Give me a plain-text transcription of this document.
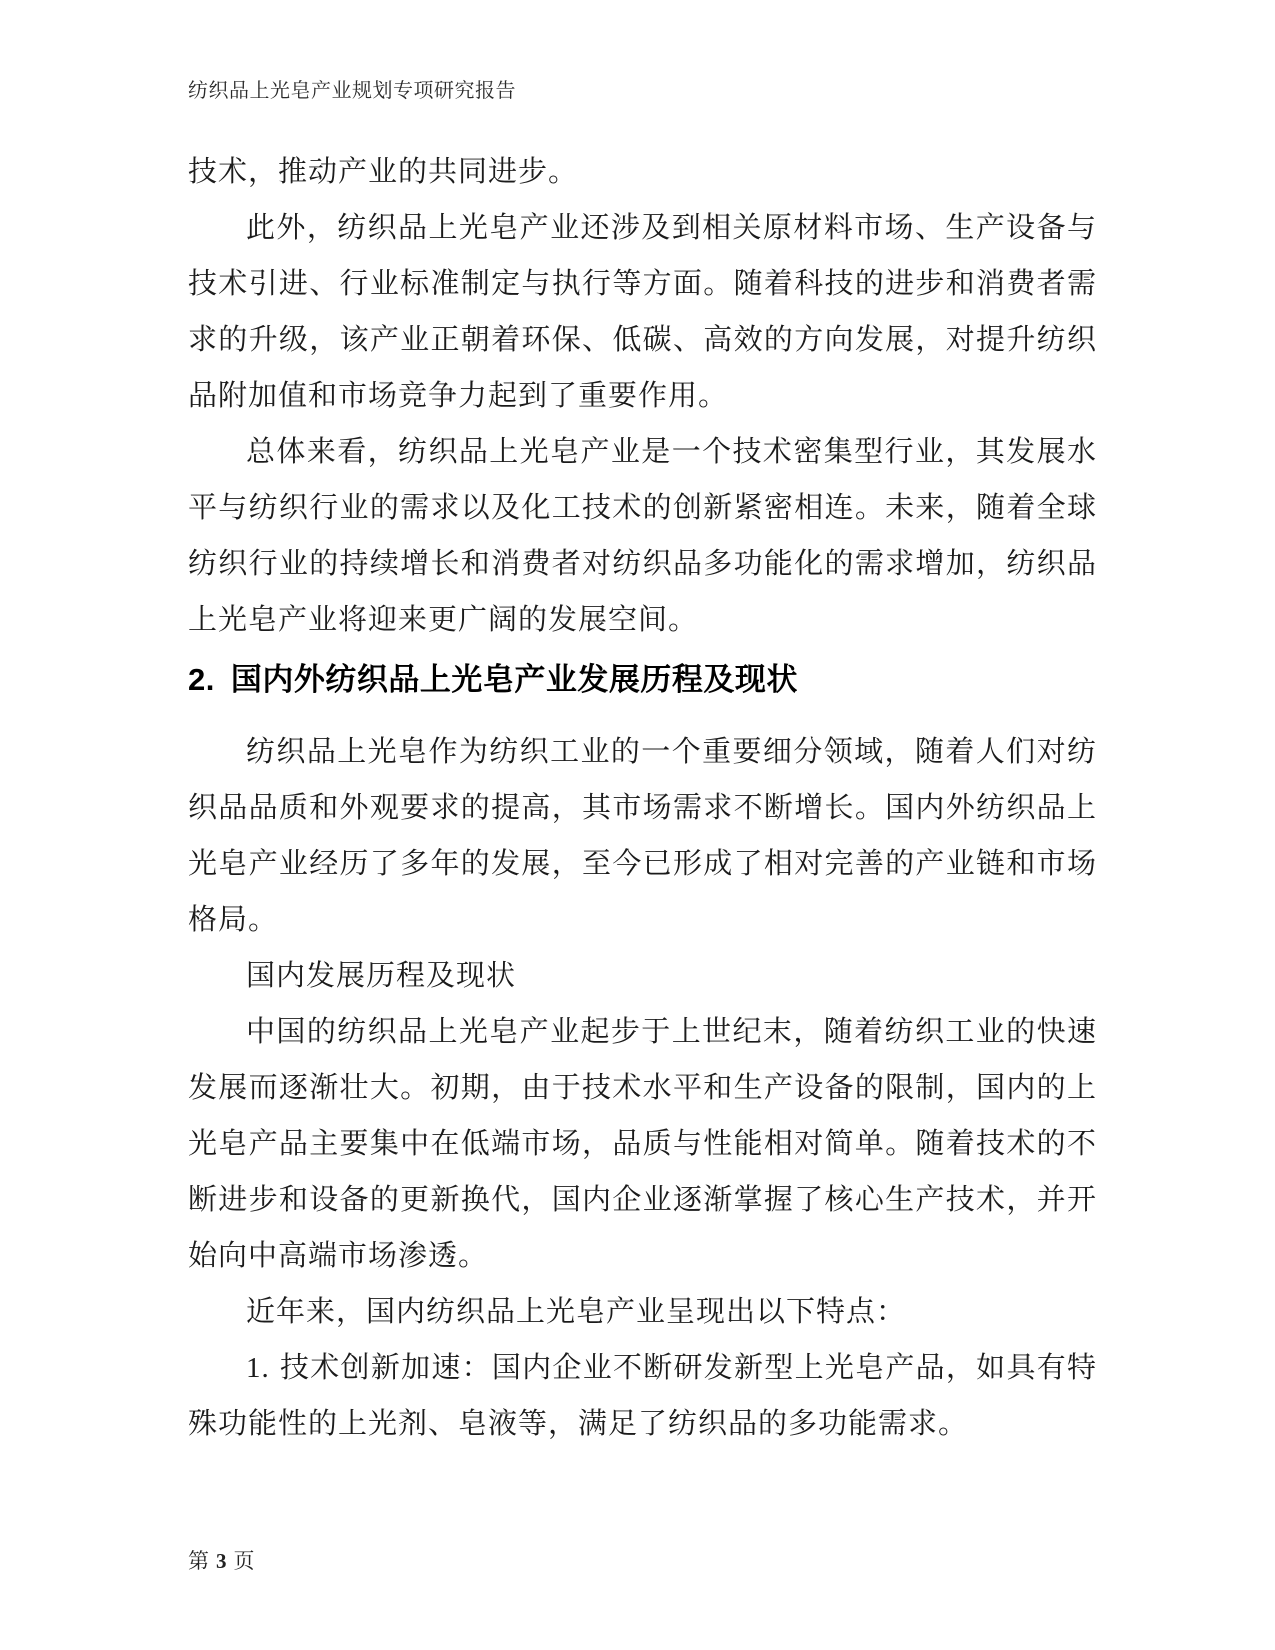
纺织品上光皂产业规划专项研究报告

技术，推动产业的共同进步。

此外，纺织品上光皂产业还涉及到相关原材料市场、生产设备与技术引进、行业标准制定与执行等方面。随着科技的进步和消费者需求的升级，该产业正朝着环保、低碳、高效的方向发展，对提升纺织品附加值和市场竞争力起到了重要作用。

总体来看，纺织品上光皂产业是一个技术密集型行业，其发展水平与纺织行业的需求以及化工技术的创新紧密相连。未来，随着全球纺织行业的持续增长和消费者对纺织品多功能化的需求增加，纺织品上光皂产业将迎来更广阔的发展空间。

2. 国内外纺织品上光皂产业发展历程及现状

纺织品上光皂作为纺织工业的一个重要细分领域，随着人们对纺织品品质和外观要求的提高，其市场需求不断增长。国内外纺织品上光皂产业经历了多年的发展，至今已形成了相对完善的产业链和市场格局。

国内发展历程及现状

中国的纺织品上光皂产业起步于上世纪末，随着纺织工业的快速发展而逐渐壮大。初期，由于技术水平和生产设备的限制，国内的上光皂产品主要集中在低端市场，品质与性能相对简单。随着技术的不断进步和设备的更新换代，国内企业逐渐掌握了核心生产技术，并开始向中高端市场渗透。

近年来，国内纺织品上光皂产业呈现出以下特点：

1. 技术创新加速：国内企业不断研发新型上光皂产品，如具有特殊功能性的上光剂、皂液等，满足了纺织品的多功能需求。

第 3 页
